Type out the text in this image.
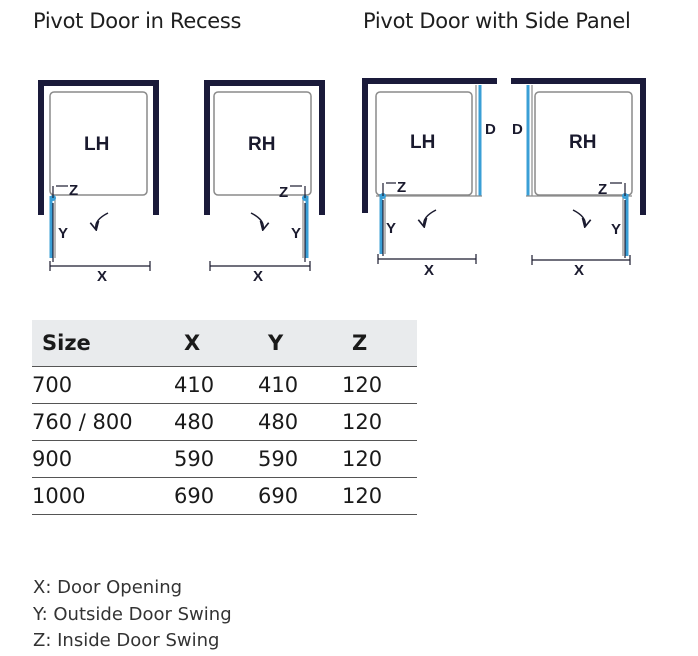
Pivot Door in Recess	Pivot Door with Side Panel
LH
Z
Y
X
RH
Z
Y
X
D
LH
Z
Y
X
D
RH
Z
Y
X
Size	X	Y	Z
700	410	410	120
760 / 800	480	480	120
900	590	590	120
1000	690	690	120
X: Door Opening
Y: Outside Door Swing
Z: Inside Door Swing
